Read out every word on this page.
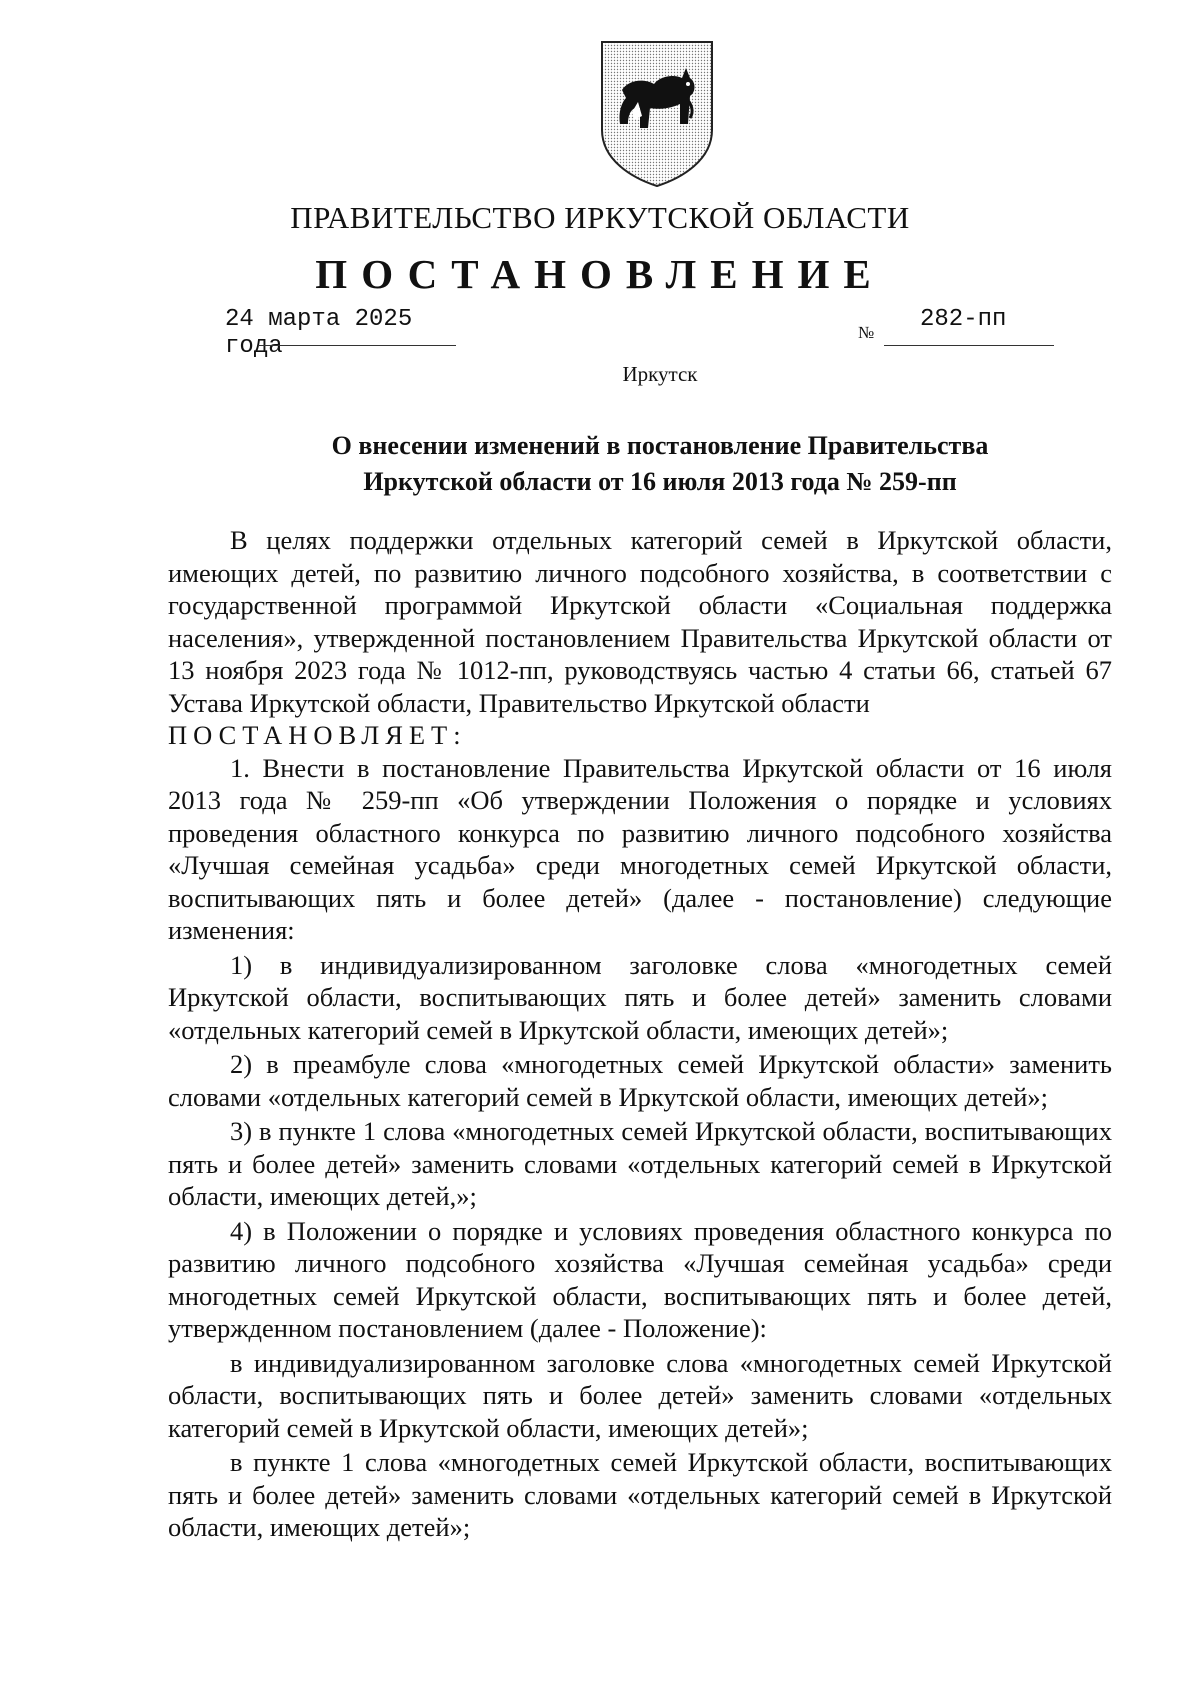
ПРАВИТЕЛЬСТВО ИРКУТСКОЙ ОБЛАСТИ
ПОСТАНОВЛЕНИЕ
24 марта 2025 года
№ 282-пп
Иркутск
О внесении изменений в постановление Правительства
Иркутской области от 16 июля 2013 года № 259-пп

В целях поддержки отдельных категорий семей в Иркутской области, имеющих детей, по развитию личного подсобного хозяйства, в соответствии с государственной программой Иркутской области «Социальная поддержка населения», утвержденной постановлением Правительства Иркутской области от 13 ноября 2023 года № 1012-пп, руководствуясь частью 4 статьи 66, статьей 67 Устава Иркутской области, Правительство Иркутской области

ПОСТАНОВЛЯЕТ:

1. Внести в постановление Правительства Иркутской области от 16 июля 2013 года № 259-пп «Об утверждении Положения о порядке и условиях проведения областного конкурса по развитию личного подсобного хозяйства «Лучшая семейная усадьба» среди многодетных семей Иркутской области, воспитывающих пять и более детей» (далее - постановление) следующие изменения:

1) в индивидуализированном заголовке слова «многодетных семей Иркутской области, воспитывающих пять и более детей» заменить словами «отдельных категорий семей в Иркутской области, имеющих детей»;

2) в преамбуле слова «многодетных семей Иркутской области» заменить словами «отдельных категорий семей в Иркутской области, имеющих детей»;

3) в пункте 1 слова «многодетных семей Иркутской области, воспитывающих пять и более детей» заменить словами «отдельных категорий семей в Иркутской области, имеющих детей,»;

4) в Положении о порядке и условиях проведения областного конкурса по развитию личного подсобного хозяйства «Лучшая семейная усадьба» среди многодетных семей Иркутской области, воспитывающих пять и более детей, утвержденном постановлением (далее - Положение):

в индивидуализированном заголовке слова «многодетных семей Иркутской области, воспитывающих пять и более детей» заменить словами «отдельных категорий семей в Иркутской области, имеющих детей»;

в пункте 1 слова «многодетных семей Иркутской области, воспитывающих пять и более детей» заменить словами «отдельных категорий семей в Иркутской области, имеющих детей»;
